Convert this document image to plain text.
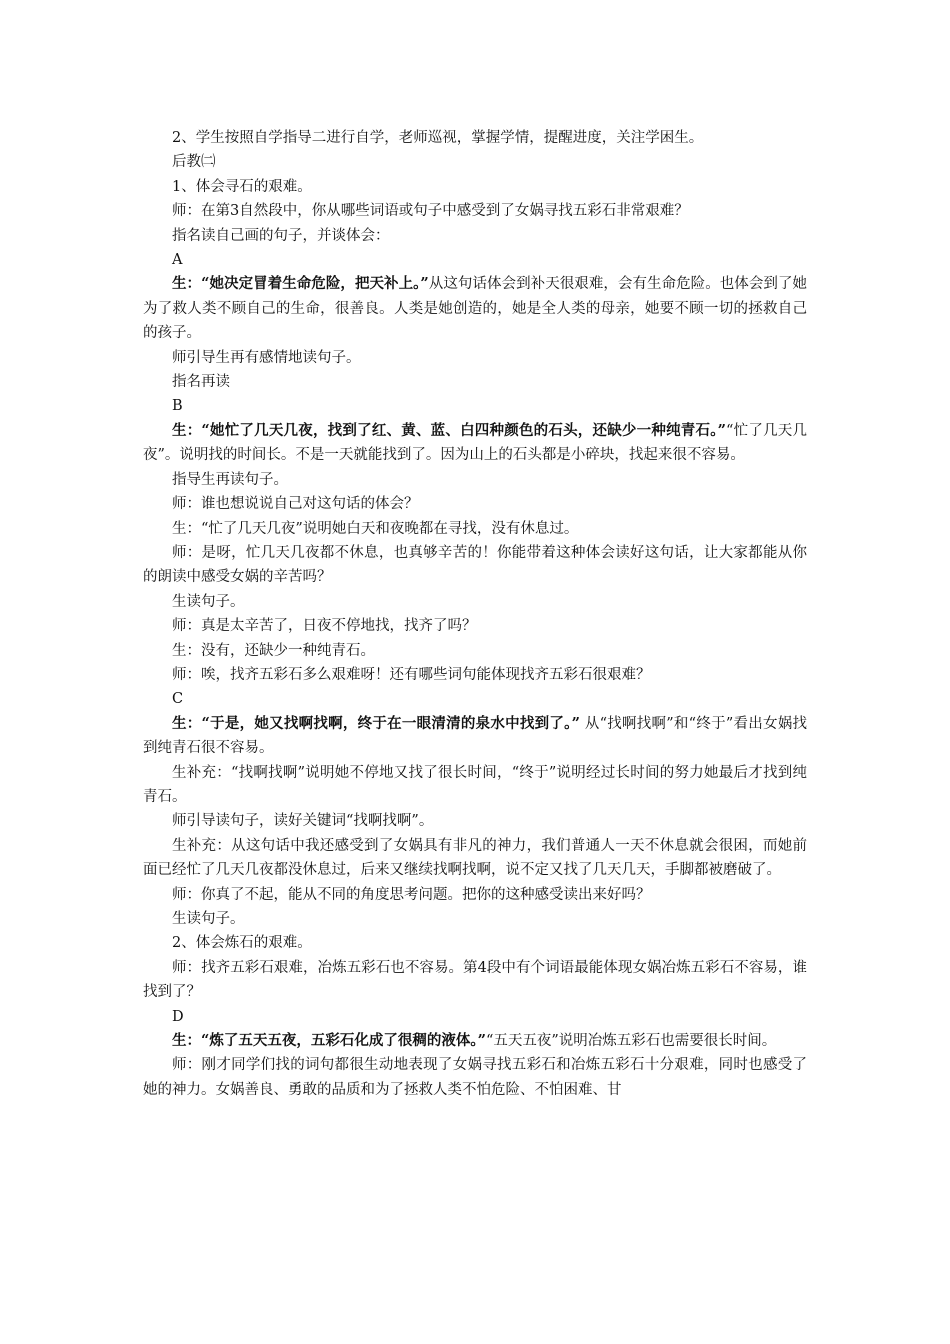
2、学生按照自学指导二进行自学，老师巡视，掌握学情，提醒进度，关注学困生。

后教㈡

1、体会寻石的艰难。

师：在第3自然段中，你从哪些词语或句子中感受到了女娲寻找五彩石非常艰难？

指名读自己画的句子，并谈体会：

A

生：“她决定冒着生命危险，把天补上。”从这句话体会到补天很艰难，会有生命危险。也体会到了她为了救人类不顾自己的生命，很善良。人类是她创造的，她是全人类的母亲，她要不顾一切的拯救自己的孩子。

师引导生再有感情地读句子。

指名再读

B

生：“她忙了几天几夜，找到了红、黄、蓝、白四种颜色的石头，还缺少一种纯青石。”“忙了几天几夜”。说明找的时间长。不是一天就能找到了。因为山上的石头都是小碎块，找起来很不容易。

指导生再读句子。

师：谁也想说说自己对这句话的体会？

生：“忙了几天几夜”说明她白天和夜晚都在寻找，没有休息过。

师：是呀，忙几天几夜都不休息，也真够辛苦的！你能带着这种体会读好这句话，让大家都能从你的朗读中感受女娲的辛苦吗？

生读句子。

师：真是太辛苦了，日夜不停地找，找齐了吗？

生：没有，还缺少一种纯青石。

师：唉，找齐五彩石多么艰难呀！还有哪些词句能体现找齐五彩石很艰难？

C

生：“于是，她又找啊找啊，终于在一眼清清的泉水中找到了。” 从“找啊找啊”和“终于”看出女娲找到纯青石很不容易。

生补充：“找啊找啊”说明她不停地又找了很长时间，“终于”说明经过长时间的努力她最后才找到纯青石。

师引导读句子，读好关键词“找啊找啊”。

生补充：从这句话中我还感受到了女娲具有非凡的神力，我们普通人一天不休息就会很困，而她前面已经忙了几天几夜都没休息过，后来又继续找啊找啊，说不定又找了几天几天，手脚都被磨破了。

师：你真了不起，能从不同的角度思考问题。把你的这种感受读出来好吗？

生读句子。

2、体会炼石的艰难。

师：找齐五彩石艰难，冶炼五彩石也不容易。第4段中有个词语最能体现女娲冶炼五彩石不容易，谁找到了？

D

生：“炼了五天五夜，五彩石化成了很稠的液体。”“五天五夜”说明冶炼五彩石也需要很长时间。

师：刚才同学们找的词句都很生动地表现了女娲寻找五彩石和冶炼五彩石十分艰难，同时也感受了她的神力。女娲善良、勇敢的品质和为了拯救人类不怕危险、不怕困难、甘
